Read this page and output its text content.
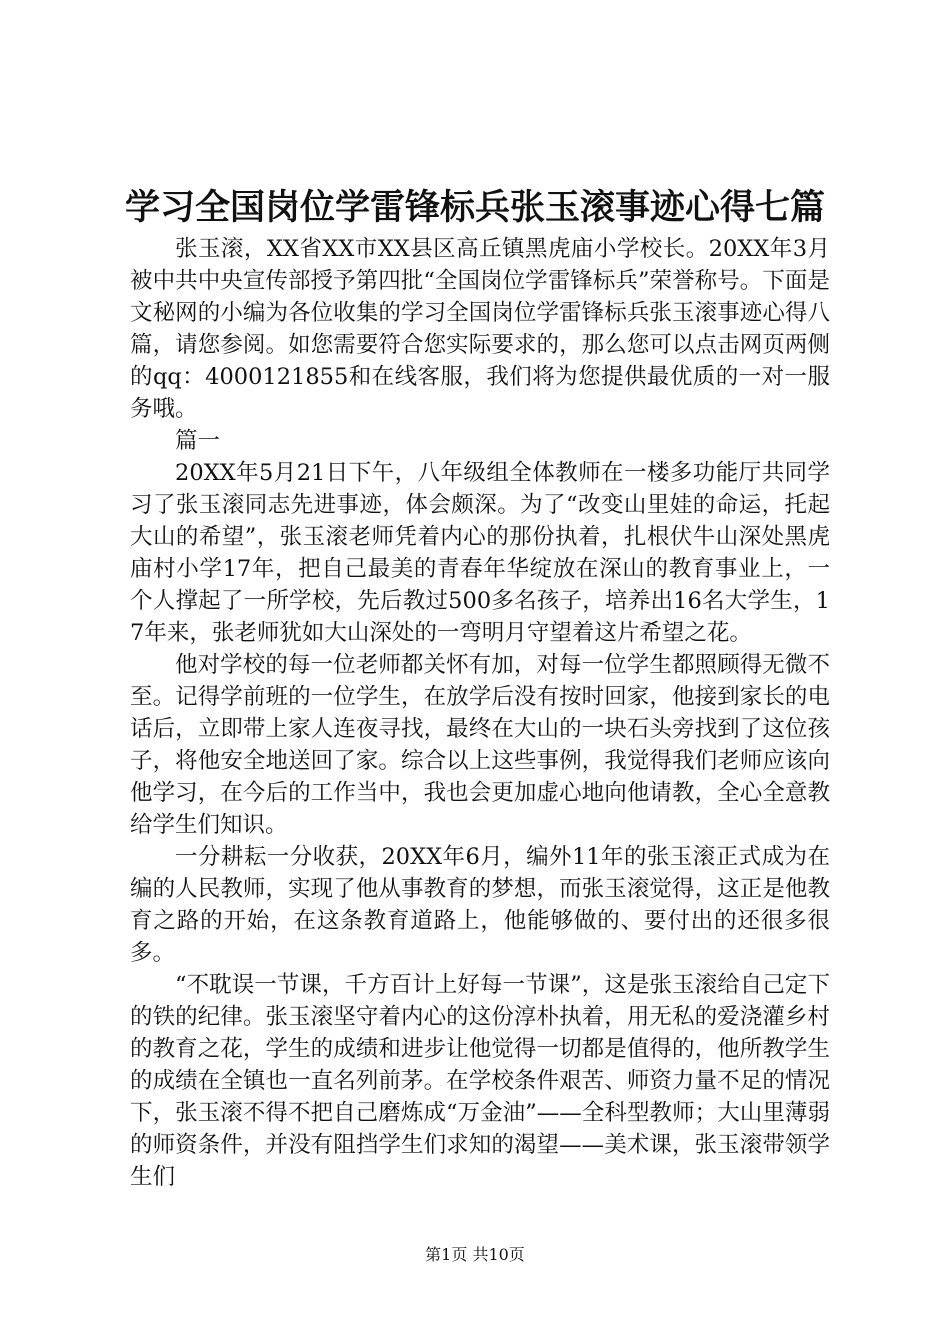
学习全国岗位学雷锋标兵张玉滚事迹心得七篇

张玉滚，XX省XX市XX县区高丘镇黑虎庙小学校长。20XX年3月被中共中央宣传部授予第四批“全国岗位学雷锋标兵”荣誉称号。下面是文秘网的小编为各位收集的学习全国岗位学雷锋标兵张玉滚事迹心得八篇，请您参阅。如您需要符合您实际要求的，那么您可以点击网页两侧的qq：4000121855和在线客服，我们将为您提供最优质的一对一服务哦。

篇一

20XX年5月21日下午，八年级组全体教师在一楼多功能厅共同学习了张玉滚同志先进事迹，体会颇深。为了“改变山里娃的命运，托起大山的希望”，张玉滚老师凭着内心的那份执着，扎根伏牛山深处黑虎庙村小学17年，把自己最美的青春年华绽放在深山的教育事业上，一个人撑起了一所学校，先后教过500多名孩子，培养出16名大学生，17年来，张老师犹如大山深处的一弯明月守望着这片希望之花。

他对学校的每一位老师都关怀有加，对每一位学生都照顾得无微不至。记得学前班的一位学生，在放学后没有按时回家，他接到家长的电话后，立即带上家人连夜寻找，最终在大山的一块石头旁找到了这位孩子，将他安全地送回了家。综合以上这些事例，我觉得我们老师应该向他学习，在今后的工作当中，我也会更加虚心地向他请教，全心全意教给学生们知识。

一分耕耘一分收获，20XX年6月，编外11年的张玉滚正式成为在编的人民教师，实现了他从事教育的梦想，而张玉滚觉得，这正是他教育之路的开始，在这条教育道路上，他能够做的、要付出的还很多很多。

“不耽误一节课，千方百计上好每一节课”，这是张玉滚给自己定下的铁的纪律。张玉滚坚守着内心的这份淳朴执着，用无私的爱浇灌乡村的教育之花，学生的成绩和进步让他觉得一切都是值得的，他所教学生的成绩在全镇也一直名列前茅。在学校条件艰苦、师资力量不足的情况下，张玉滚不得不把自己磨炼成“万金油”——全科型教师；大山里薄弱的师资条件，并没有阻挡学生们求知的渴望——美术课，张玉滚带领学生们

第1页 共10页
